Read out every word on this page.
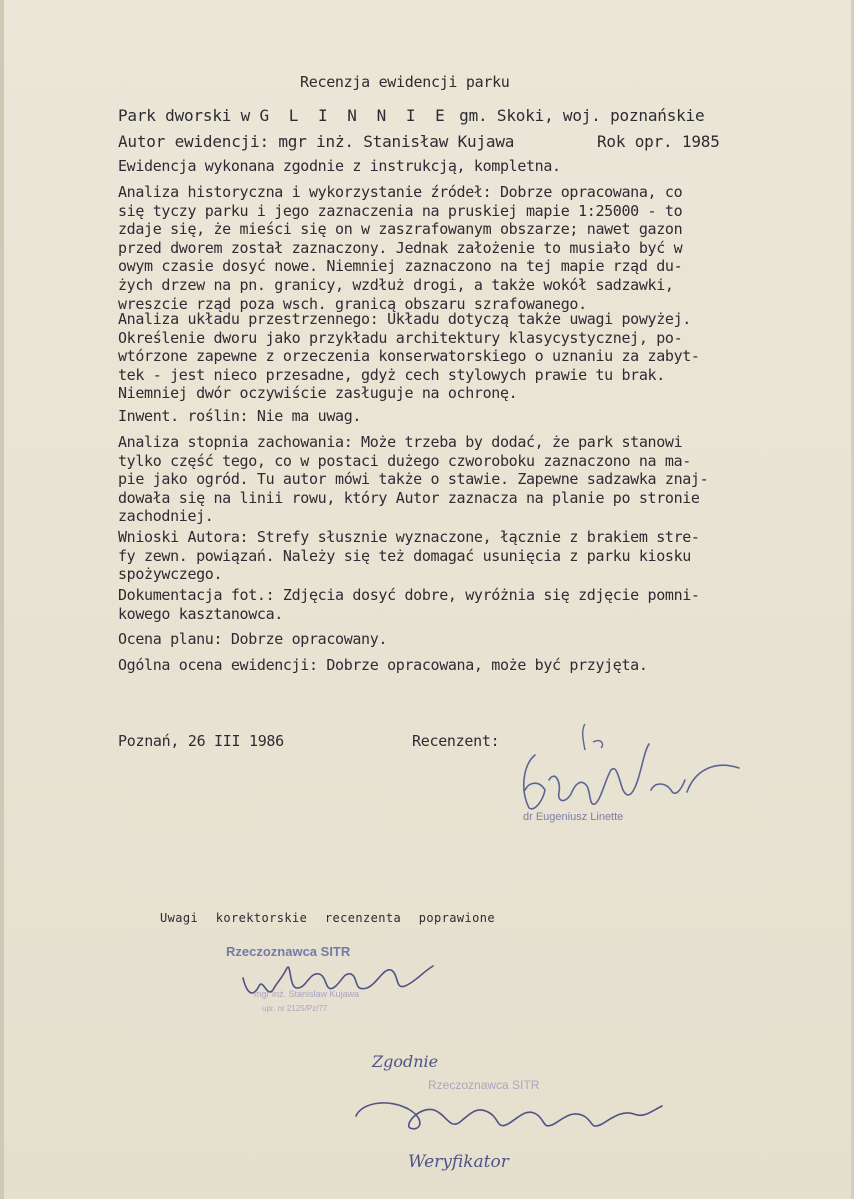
Recenzja ewidencji parku
Park dworski w G L I N N I E gm. Skoki, woj. poznańskie
Autor ewidencji: mgr inż. Stanisław Kujawa	Rok opr. 1985
Ewidencja wykonana zgodnie z instrukcją, kompletna.
Analiza historyczna i wykorzystanie źródeł: Dobrze opracowana, co
się tyczy parku i jego zaznaczenia na pruskiej mapie 1:25000 - to
zdaje się, że mieści się on w zaszrafowanym obszarze; nawet gazon
przed dworem został zaznaczony. Jednak założenie to musiało być w
owym czasie dosyć nowe. Niemniej zaznaczono na tej mapie rząd du-
żych drzew na pn. granicy, wzdłuż drogi, a także wokół sadzawki,
wreszcie rząd poza wsch. granicą obszaru szrafowanego.
Analiza układu przestrzennego: Układu dotyczą także uwagi powyżej.
Określenie dworu jako przykładu architektury klasycystycznej, po-
wtórzone zapewne z orzeczenia konserwatorskiego o uznaniu za zabyt-
tek - jest nieco przesadne, gdyż cech stylowych prawie tu brak.
Niemniej dwór oczywiście zasługuje na ochronę.
Inwent. roślin: Nie ma uwag.
Analiza stopnia zachowania: Może trzeba by dodać, że park stanowi
tylko część tego, co w postaci dużego czworoboku zaznaczono na ma-
pie jako ogród. Tu autor mówi także o stawie. Zapewne sadzawka znaj-
dowała się na linii rowu, który Autor zaznacza na planie po stronie
zachodniej.
Wnioski Autora: Strefy słusznie wyznaczone, łącznie z brakiem stre-
fy zewn. powiązań. Należy się też domagać usunięcia z parku kiosku
spożywczego.
Dokumentacja fot.: Zdjęcia dosyć dobre, wyróżnia się zdjęcie pomni-
kowego kasztanowca.
Ocena planu: Dobrze opracowany.
Ogólna ocena ewidencji: Dobrze opracowana, może być przyjęta.
Poznań, 26 III 1986	Recenzent:
dr Eugeniusz Linette
Uwagi korektorskie recenzenta poprawione
Rzeczoznawca SITR
mgr inż. Stanisław Kujawa
upr. nr 2125/Pz/77
Zgodnie
Rzeczoznawca SITR
Weryfikator
